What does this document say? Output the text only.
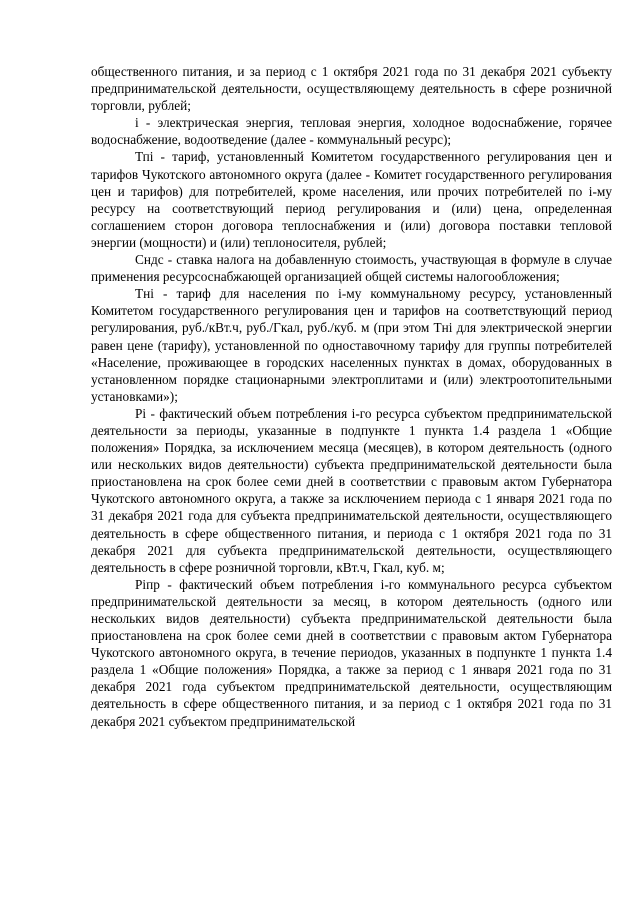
общественного питания, и за период с 1 октября 2021 года по 31 декабря 2021 субъекту предпринимательской деятельности, осуществляющему деятельность в сфере розничной торговли, рублей;

i - электрическая энергия, тепловая энергия, холодное водоснабжение, горячее водоснабжение, водоотведение (далее - коммунальный ресурс);

Тпi - тариф, установленный Комитетом государственного регулирования цен и тарифов Чукотского автономного округа (далее - Комитет государственного регулирования цен и тарифов) для потребителей, кроме населения, или прочих потребителей по i-му ресурсу на соответствующий период регулирования и (или) цена, определенная соглашением сторон договора теплоснабжения и (или) договора поставки тепловой энергии (мощности) и (или) теплоносителя, рублей;

Сндс - ставка налога на добавленную стоимость, участвующая в формуле в случае применения ресурсоснабжающей организацией общей системы налогообложения;

Тнi - тариф для населения по i-му коммунальному ресурсу, установленный Комитетом государственного регулирования цен и тарифов на соответствующий период регулирования, руб./кВт.ч, руб./Гкал, руб./куб. м (при этом Тнi для электрической энергии равен цене (тарифу), установленной по одноставочному тарифу для группы потребителей «Население, проживающее в городских населенных пунктах в домах, оборудованных в установленном порядке стационарными электроплитами и (или) электроотопительными установками»);

Рi - фактический объем потребления i-го ресурса субъектом предпринимательской деятельности за периоды, указанные в подпункте 1 пункта 1.4 раздела 1 «Общие положения» Порядка, за исключением месяца (месяцев), в котором деятельность (одного или нескольких видов деятельности) субъекта предпринимательской деятельности была приостановлена на срок более семи дней в соответствии с правовым актом Губернатора Чукотского автономного округа, а также за исключением периода с 1 января 2021 года по 31 декабря 2021 года для субъекта предпринимательской деятельности, осуществляющего деятельность в сфере общественного питания, и периода с 1 октября 2021 года по 31 декабря 2021 для субъекта предпринимательской деятельности, осуществляющего деятельность в сфере розничной торговли, кВт.ч, Гкал, куб. м;

Рiпр - фактический объем потребления i-го коммунального ресурса субъектом предпринимательской деятельности за месяц, в котором деятельность (одного или нескольких видов деятельности) субъекта предпринимательской деятельности была приостановлена на срок более семи дней в соответствии с правовым актом Губернатора Чукотского автономного округа, в течение периодов, указанных в подпункте 1 пункта 1.4 раздела 1 «Общие положения» Порядка, а также за период с 1 января 2021 года по 31 декабря 2021 года субъектом предпринимательской деятельности, осуществляющим деятельность в сфере общественного питания, и за период с 1 октября 2021 года по 31 декабря 2021 субъектом предпринимательской
